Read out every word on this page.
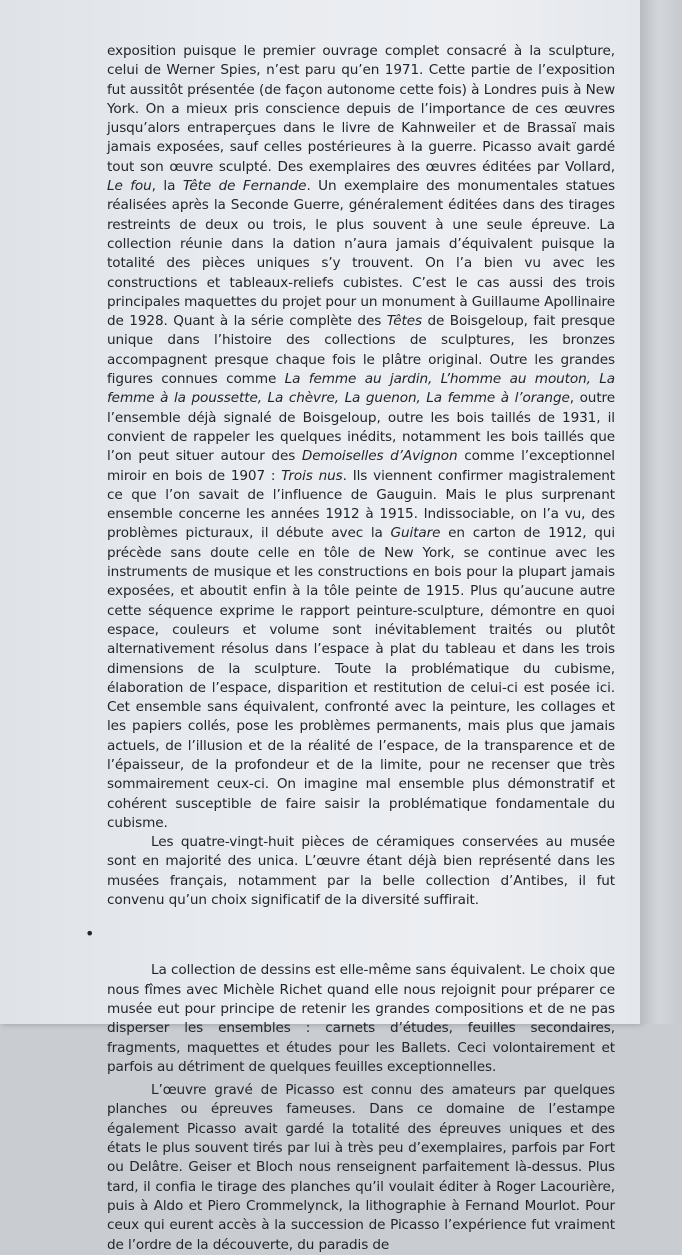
exposition puisque le premier ouvrage complet consacré à la sculpture, celui de Werner Spies, n’est paru qu’en 1971. Cette partie de l’exposition fut aussitôt présentée (de façon autonome cette fois) à Londres puis à New York. On a mieux pris conscience depuis de l’importance de ces œuvres jusqu’alors entraperçues dans le livre de Kahnweiler et de Brassaï mais jamais exposées, sauf celles postérieures à la guerre. Picasso avait gardé tout son œuvre sculpté. Des exemplaires des œuvres éditées par Vollard, Le fou, la Tête de Fernande. Un exemplaire des monumentales statues réalisées après la Seconde Guerre, généralement éditées dans des tirages restreints de deux ou trois, le plus souvent à une seule épreuve. La collection réunie dans la dation n’aura jamais d’équivalent puisque la totalité des pièces uniques s’y trouvent. On l’a bien vu avec les constructions et tableaux-reliefs cubistes. C’est le cas aussi des trois principales maquettes du projet pour un monument à Guillaume Apollinaire de 1928. Quant à la série complète des Têtes de Boisgeloup, fait presque unique dans l’histoire des collections de sculptures, les bronzes accompagnent presque chaque fois le plâtre original. Outre les grandes figures connues comme La femme au jardin, L’homme au mouton, La femme à la poussette, La chèvre, La guenon, La femme à l’orange, outre l’ensemble déjà signalé de Boisgeloup, outre les bois taillés de 1931, il convient de rappeler les quelques inédits, notamment les bois taillés que l’on peut situer autour des Demoiselles d’Avignon comme l’exceptionnel miroir en bois de 1907 : Trois nus. Ils viennent confirmer magistralement ce que l’on savait de l’influence de Gauguin. Mais le plus surprenant ensemble concerne les années 1912 à 1915. Indissociable, on l’a vu, des problèmes picturaux, il débute avec la Guitare en carton de 1912, qui précède sans doute celle en tôle de New York, se continue avec les instruments de musique et les constructions en bois pour la plupart jamais exposées, et aboutit enfin à la tôle peinte de 1915. Plus qu’aucune autre cette séquence exprime le rapport peinture-sculpture, démontre en quoi espace, couleurs et volume sont inévitablement traités ou plutôt alternativement résolus dans l’espace à plat du tableau et dans les trois dimensions de la sculpture. Toute la problématique du cubisme, élaboration de l’espace, disparition et restitution de celui-ci est posée ici. Cet ensemble sans équivalent, confronté avec la peinture, les collages et les papiers collés, pose les problèmes permanents, mais plus que jamais actuels, de l’illusion et de la réalité de l’espace, de la transparence et de l’épaisseur, de la profondeur et de la limite, pour ne recenser que très sommairement ceux-ci. On imagine mal ensemble plus démonstratif et cohérent susceptible de faire saisir la problématique fondamentale du cubisme.

Les quatre-vingt-huit pièces de céramiques conservées au musée sont en majorité des unica. L’œuvre étant déjà bien représenté dans les musées français, notamment par la belle collection d’Antibes, il fut convenu qu’un choix significatif de la diversité suffirait.

•

La collection de dessins est elle-même sans équivalent. Le choix que nous fîmes avec Michèle Richet quand elle nous rejoignit pour préparer ce musée eut pour principe de retenir les grandes compositions et de ne pas disperser les ensembles : carnets d’études, feuilles secondaires, fragments, maquettes et études pour les Ballets. Ceci volontairement et parfois au détriment de quelques feuilles exceptionnelles.

L’œuvre gravé de Picasso est connu des amateurs par quelques planches ou épreuves fameuses. Dans ce domaine de l’estampe également Picasso avait gardé la totalité des épreuves uniques et des états le plus souvent tirés par lui à très peu d’exemplaires, parfois par Fort ou Delâtre. Geiser et Bloch nous renseignent parfaitement là-dessus. Plus tard, il confia le tirage des planches qu’il voulait éditer à Roger Lacourière, puis à Aldo et Piero Crommelynck, la lithographie à Fernand Mourlot. Pour ceux qui eurent accès à la succession de Picasso l’expérience fut vraiment de l’ordre de la découverte, du paradis de
